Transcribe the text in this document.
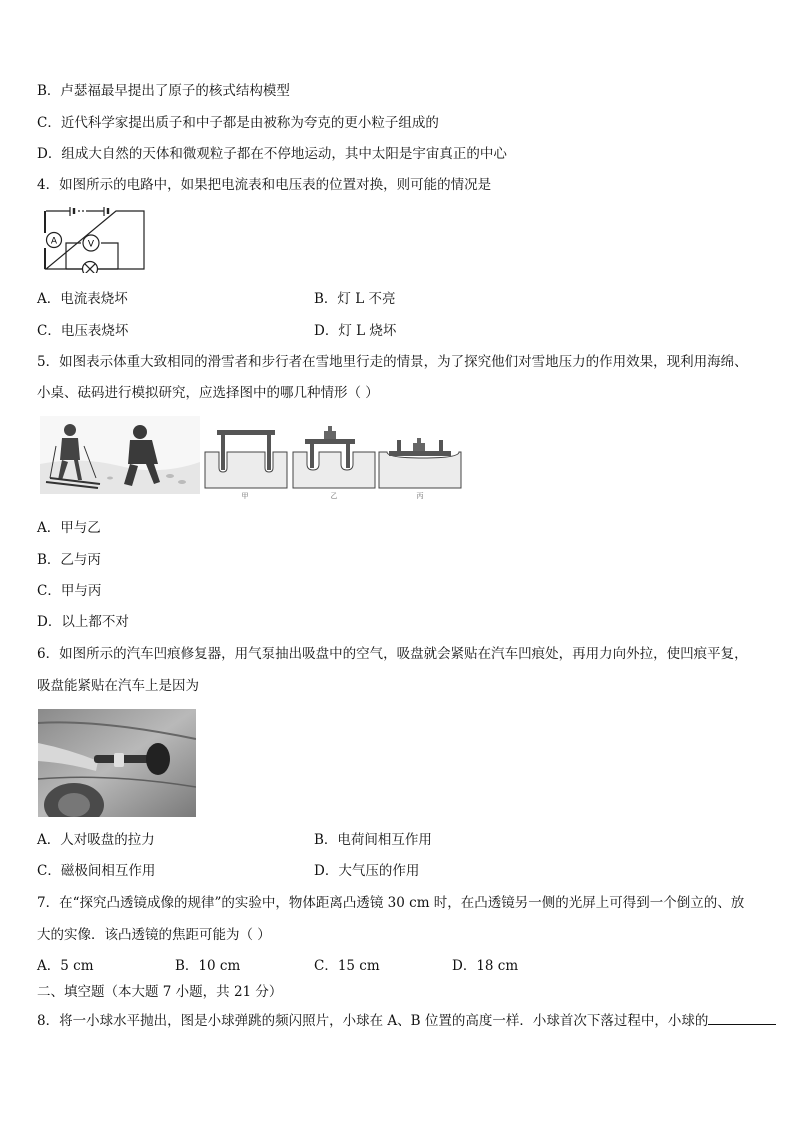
B．卢瑟福最早提出了原子的核式结构模型
C．近代科学家提出质子和中子都是由被称为夸克的更小粒子组成的
D．组成大自然的天体和微观粒子都在不停地运动，其中太阳是宇宙真正的中心
4．如图所示的电路中，如果把电流表和电压表的位置对换，则可能的情况是
A	V
A．电流表烧坏	B．灯 L 不亮
C．电压表烧坏	D．灯 L 烧坏
5．如图表示体重大致相同的滑雪者和步行者在雪地里行走的情景，为了探究他们对雪地压力的作用效果，现利用海绵、
小桌、砝码进行模拟研究，应选择图中的哪几种情形（ ）
甲	乙	丙
A．甲与乙
B．乙与丙
C．甲与丙
D．以上都不对
6．如图所示的汽车凹痕修复器，用气泵抽出吸盘中的空气，吸盘就会紧贴在汽车凹痕处，再用力向外拉，使凹痕平复，
吸盘能紧贴在汽车上是因为
A．人对吸盘的拉力	B．电荷间相互作用
C．磁极间相互作用	D．大气压的作用
7．在“探究凸透镜成像的规律”的实验中，物体距离凸透镜 30 cm 时，在凸透镜另一侧的光屏上可得到一个倒立的、放
大的实像．该凸透镜的焦距可能为（ ）
A．5 cm	B．10 cm	C．15 cm	D．18 cm
二、填空题（本大题 7 小题，共 21 分）
8．将一小球水平抛出，图是小球弹跳的频闪照片，小球在 A、B 位置的高度一样．小球首次下落过程中，小球的
